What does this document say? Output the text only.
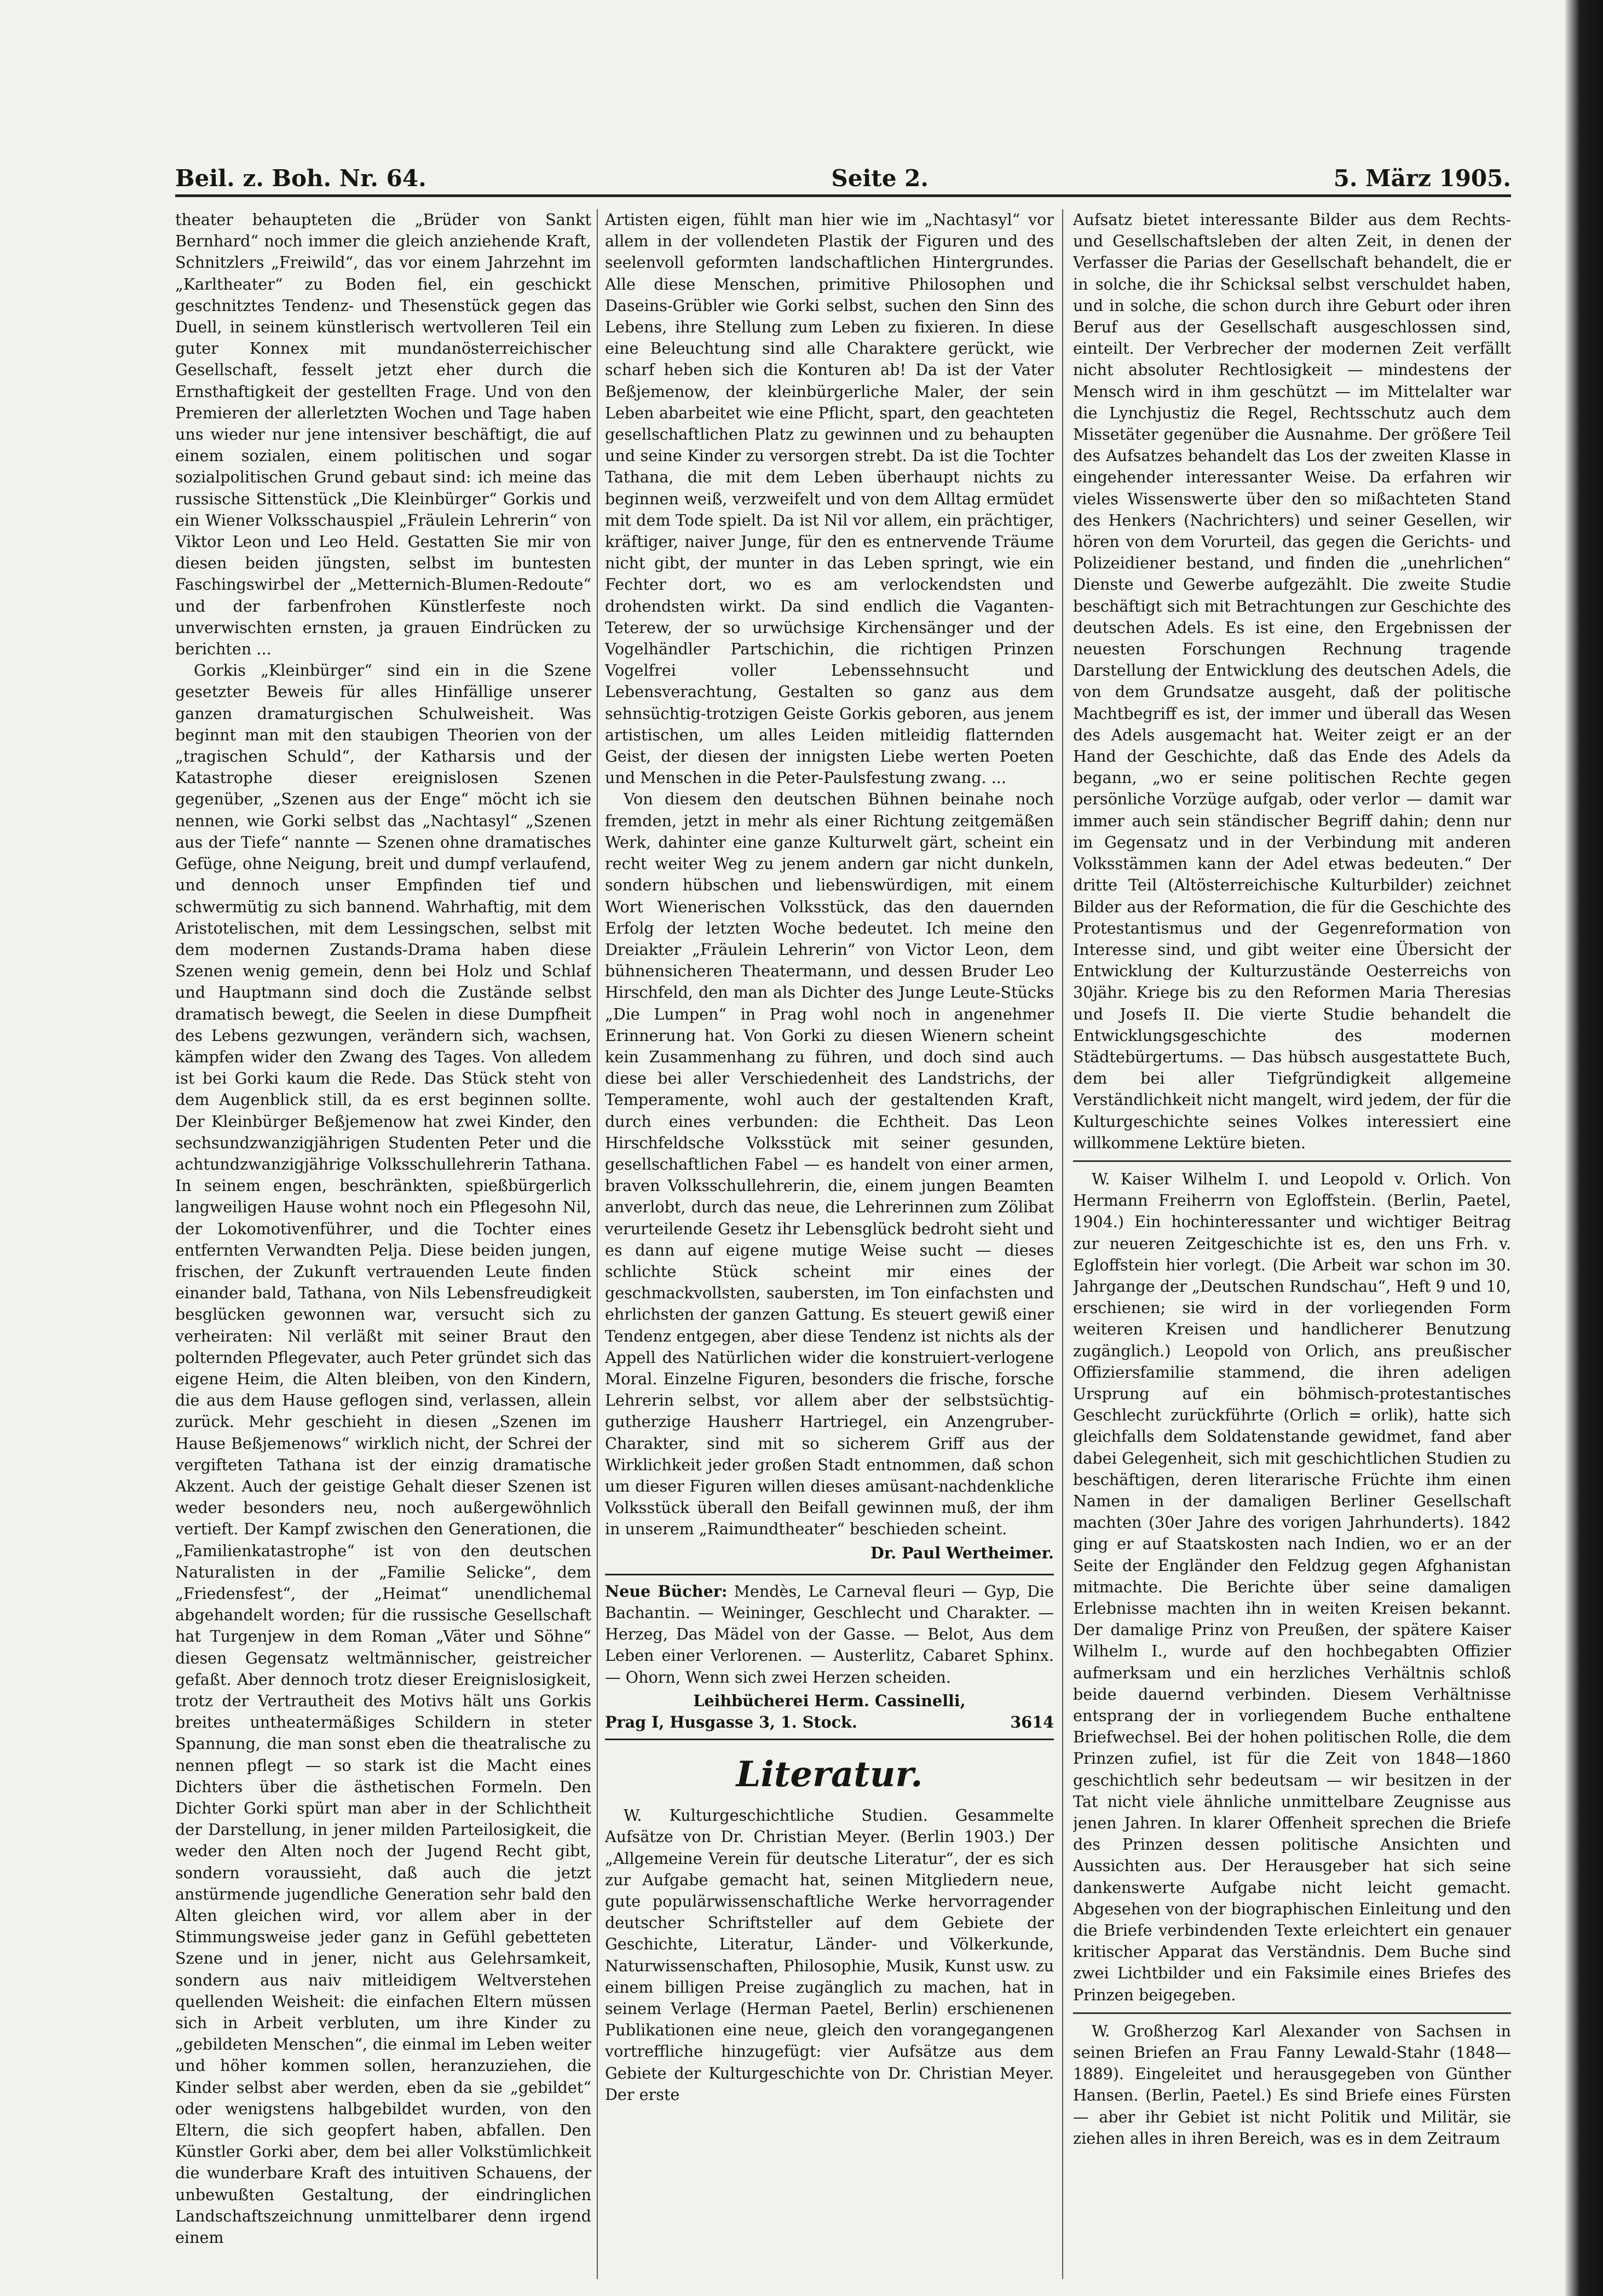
Beil. z. Boh. Nr. 64.	Seite 2.	5. März 1905.

theater behaupteten die „Brüder von Sankt Bernhard“ noch immer die gleich anziehende Kraft, Schnitzlers „Freiwild“, das vor einem Jahrzehnt im „Karltheater“ zu Boden fiel, ein geschickt geschnitztes Tendenz- und Thesenstück gegen das Duell, in seinem künstlerisch wertvolleren Teil ein guter Konnex mit mundanösterreichischer Gesellschaft, fesselt jetzt eher durch die Ernsthaftigkeit der gestellten Frage. Und von den Premieren der allerletzten Wochen und Tage haben uns wieder nur jene intensiver beschäftigt, die auf einem sozialen, einem politischen und sogar sozialpolitischen Grund gebaut sind: ich meine das russische Sittenstück „Die Kleinbürger“ Gorkis und ein Wiener Volksschauspiel „Fräulein Lehrerin“ von Viktor Leon und Leo Held. Gestatten Sie mir von diesen beiden jüngsten, selbst im buntesten Faschingswirbel der „Metternich-Blumen-Redoute“ und der farbenfrohen Künstlerfeste noch unverwischten ernsten, ja grauen Eindrücken zu berichten ...

Gorkis „Kleinbürger“ sind ein in die Szene gesetzter Beweis für alles Hinfällige unserer ganzen dramaturgischen Schulweisheit. Was beginnt man mit den staubigen Theorien von der „tragischen Schuld“, der Katharsis und der Katastrophe dieser ereignislosen Szenen gegenüber, „Szenen aus der Enge“ möcht ich sie nennen, wie Gorki selbst das „Nachtasyl“ „Szenen aus der Tiefe“ nannte — Szenen ohne dramatisches Gefüge, ohne Neigung, breit und dumpf verlaufend, und dennoch unser Empfinden tief und schwermütig zu sich bannend. Wahrhaftig, mit dem Aristotelischen, mit dem Lessingschen, selbst mit dem modernen Zustands-Drama haben diese Szenen wenig gemein, denn bei Holz und Schlaf und Hauptmann sind doch die Zustände selbst dramatisch bewegt, die Seelen in diese Dumpfheit des Lebens gezwungen, verändern sich, wachsen, kämpfen wider den Zwang des Tages. Von alledem ist bei Gorki kaum die Rede. Das Stück steht von dem Augenblick still, da es erst beginnen sollte. Der Kleinbürger Beßjemenow hat zwei Kinder, den sechsundzwanzigjährigen Studenten Peter und die achtundzwanzigjährige Volksschullehrerin Tathana. In seinem engen, beschränkten, spießbürgerlich langweiligen Hause wohnt noch ein Pflegesohn Nil, der Lokomotivenführer, und die Tochter eines entfernten Verwandten Pelja. Diese beiden jungen, frischen, der Zukunft vertrauenden Leute finden einander bald, Tathana, von Nils Lebensfreudigkeit besglücken gewonnen war, versucht sich zu verheiraten: Nil verläßt mit seiner Braut den polternden Pflegevater, auch Peter gründet sich das eigene Heim, die Alten bleiben, von den Kindern, die aus dem Hause geflogen sind, verlassen, allein zurück. Mehr geschieht in diesen „Szenen im Hause Beßjemenows“ wirklich nicht, der Schrei der vergifteten Tathana ist der einzig dramatische Akzent. Auch der geistige Gehalt dieser Szenen ist weder besonders neu, noch außergewöhnlich vertieft. Der Kampf zwischen den Generationen, die „Familienkatastrophe“ ist von den deutschen Naturalisten in der „Familie Selicke“, dem „Friedensfest“, der „Heimat“ unendlichemal abgehandelt worden; für die russische Gesellschaft hat Turgenjew in dem Roman „Väter und Söhne“ diesen Gegensatz weltmännischer, geistreicher gefaßt. Aber dennoch trotz dieser Ereignislosigkeit, trotz der Vertrautheit des Motivs hält uns Gorkis breites untheatermäßiges Schildern in steter Spannung, die man sonst eben die theatralische zu nennen pflegt — so stark ist die Macht eines Dichters über die ästhetischen Formeln. Den Dichter Gorki spürt man aber in der Schlichtheit der Darstellung, in jener milden Parteilosigkeit, die weder den Alten noch der Jugend Recht gibt, sondern voraussieht, daß auch die jetzt anstürmende jugendliche Generation sehr bald den Alten gleichen wird, vor allem aber in der Stimmungsweise jeder ganz in Gefühl gebetteten Szene und in jener, nicht aus Gelehrsamkeit, sondern aus naiv mitleidigem Weltverstehen quellenden Weisheit: die einfachen Eltern müssen sich in Arbeit verbluten, um ihre Kinder zu „gebildeten Menschen“, die einmal im Leben weiter und höher kommen sollen, heranzuziehen, die Kinder selbst aber werden, eben da sie „gebildet“ oder wenigstens halbgebildet wurden, von den Eltern, die sich geopfert haben, abfallen. Den Künstler Gorki aber, dem bei aller Volkstümlichkeit die wunderbare Kraft des intuitiven Schauens, der unbewußten Gestaltung, der eindringlichen Landschaftszeichnung unmittelbarer denn irgend einem

Artisten eigen, fühlt man hier wie im „Nachtasyl“ vor allem in der vollendeten Plastik der Figuren und des seelenvoll geformten landschaftlichen Hintergrundes. Alle diese Menschen, primitive Philosophen und Daseins-Grübler wie Gorki selbst, suchen den Sinn des Lebens, ihre Stellung zum Leben zu fixieren. In diese eine Beleuchtung sind alle Charaktere gerückt, wie scharf heben sich die Konturen ab! Da ist der Vater Beßjemenow, der kleinbürgerliche Maler, der sein Leben abarbeitet wie eine Pflicht, spart, den geachteten gesellschaftlichen Platz zu gewinnen und zu behaupten und seine Kinder zu versorgen strebt. Da ist die Tochter Tathana, die mit dem Leben überhaupt nichts zu beginnen weiß, verzweifelt und von dem Alltag ermüdet mit dem Tode spielt. Da ist Nil vor allem, ein prächtiger, kräftiger, naiver Junge, für den es entnervende Träume nicht gibt, der munter in das Leben springt, wie ein Fechter dort, wo es am verlockendsten und drohendsten wirkt. Da sind endlich die Vaganten-Teterew, der so urwüchsige Kirchensänger und der Vogelhändler Partschichin, die richtigen Prinzen Vogelfrei voller Lebenssehnsucht und Lebensverachtung, Gestalten so ganz aus dem sehnsüchtig-trotzigen Geiste Gorkis geboren, aus jenem artistischen, um alles Leiden mitleidig flatternden Geist, der diesen der innigsten Liebe werten Poeten und Menschen in die Peter-Paulsfestung zwang. ...

Von diesem den deutschen Bühnen beinahe noch fremden, jetzt in mehr als einer Richtung zeitgemäßen Werk, dahinter eine ganze Kulturwelt gärt, scheint ein recht weiter Weg zu jenem andern gar nicht dunkeln, sondern hübschen und liebenswürdigen, mit einem Wort Wienerischen Volksstück, das den dauernden Erfolg der letzten Woche bedeutet. Ich meine den Dreiakter „Fräulein Lehrerin“ von Victor Leon, dem bühnensicheren Theatermann, und dessen Bruder Leo Hirschfeld, den man als Dichter des Junge Leute-Stücks „Die Lumpen“ in Prag wohl noch in angenehmer Erinnerung hat. Von Gorki zu diesen Wienern scheint kein Zusammenhang zu führen, und doch sind auch diese bei aller Verschiedenheit des Landstrichs, der Temperamente, wohl auch der gestaltenden Kraft, durch eines verbunden: die Echtheit. Das Leon Hirschfeldsche Volksstück mit seiner gesunden, gesellschaftlichen Fabel — es handelt von einer armen, braven Volksschullehrerin, die, einem jungen Beamten anverlobt, durch das neue, die Lehrerinnen zum Zölibat verurteilende Gesetz ihr Lebensglück bedroht sieht und es dann auf eigene mutige Weise sucht — dieses schlichte Stück scheint mir eines der geschmackvollsten, saubersten, im Ton einfachsten und ehrlichsten der ganzen Gattung. Es steuert gewiß einer Tendenz entgegen, aber diese Tendenz ist nichts als der Appell des Natürlichen wider die konstruiert-verlogene Moral. Einzelne Figuren, besonders die frische, forsche Lehrerin selbst, vor allem aber der selbstsüchtig-gutherzige Hausherr Hartriegel, ein Anzengruber-Charakter, sind mit so sicherem Griff aus der Wirklichkeit jeder großen Stadt entnommen, daß schon um dieser Figuren willen dieses amüsant-nachdenkliche Volksstück überall den Beifall gewinnen muß, der ihm in unserem „Raimundtheater“ beschieden scheint.

Dr. Paul Wertheimer.

Neue Bücher: Mendès, Le Carneval fleuri — Gyp, Die Bachantin. — Weininger, Geschlecht und Charakter. — Herzeg, Das Mädel von der Gasse. — Belot, Aus dem Leben einer Verlorenen. — Austerlitz, Cabaret Sphinx. — Ohorn, Wenn sich zwei Herzen scheiden.

Leihbücherei Herm. Cassinelli,
Prag I, Husgasse 3, 1. Stock.	3614
Literatur.

W. Kulturgeschichtliche Studien. Gesammelte Aufsätze von Dr. Christian Meyer. (Berlin 1903.) Der „Allgemeine Verein für deutsche Literatur“, der es sich zur Aufgabe gemacht hat, seinen Mitgliedern neue, gute populärwissenschaftliche Werke hervorragender deutscher Schriftsteller auf dem Gebiete der Geschichte, Literatur, Länder- und Völkerkunde, Naturwissenschaften, Philosophie, Musik, Kunst usw. zu einem billigen Preise zugänglich zu machen, hat in seinem Verlage (Herman Paetel, Berlin) erschienenen Publikationen eine neue, gleich den vorangegangenen vortreffliche hinzugefügt: vier Aufsätze aus dem Gebiete der Kulturgeschichte von Dr. Christian Meyer. Der erste

Aufsatz bietet interessante Bilder aus dem Rechts- und Gesellschaftsleben der alten Zeit, in denen der Verfasser die Parias der Gesellschaft behandelt, die er in solche, die ihr Schicksal selbst verschuldet haben, und in solche, die schon durch ihre Geburt oder ihren Beruf aus der Gesellschaft ausgeschlossen sind, einteilt. Der Verbrecher der modernen Zeit verfällt nicht absoluter Rechtlosigkeit — mindestens der Mensch wird in ihm geschützt — im Mittelalter war die Lynchjustiz die Regel, Rechtsschutz auch dem Missetäter gegenüber die Ausnahme. Der größere Teil des Aufsatzes behandelt das Los der zweiten Klasse in eingehender interessanter Weise. Da erfahren wir vieles Wissenswerte über den so mißachteten Stand des Henkers (Nachrichters) und seiner Gesellen, wir hören von dem Vorurteil, das gegen die Gerichts- und Polizeidiener bestand, und finden die „unehrlichen“ Dienste und Gewerbe aufgezählt. Die zweite Studie beschäftigt sich mit Betrachtungen zur Geschichte des deutschen Adels. Es ist eine, den Ergebnissen der neuesten Forschungen Rechnung tragende Darstellung der Entwicklung des deutschen Adels, die von dem Grundsatze ausgeht, daß der politische Machtbegriff es ist, der immer und überall das Wesen des Adels ausgemacht hat. Weiter zeigt er an der Hand der Geschichte, daß das Ende des Adels da begann, „wo er seine politischen Rechte gegen persönliche Vorzüge aufgab, oder verlor — damit war immer auch sein ständischer Begriff dahin; denn nur im Gegensatz und in der Verbindung mit anderen Volksstämmen kann der Adel etwas bedeuten.“ Der dritte Teil (Altösterreichische Kulturbilder) zeichnet Bilder aus der Reformation, die für die Geschichte des Protestantismus und der Gegenreformation von Interesse sind, und gibt weiter eine Übersicht der Entwicklung der Kulturzustände Oesterreichs von 30jähr. Kriege bis zu den Reformen Maria Theresias und Josefs II. Die vierte Studie behandelt die Entwicklungsgeschichte des modernen Städtebürgertums. — Das hübsch ausgestattete Buch, dem bei aller Tiefgründigkeit allgemeine Verständlichkeit nicht mangelt, wird jedem, der für die Kulturgeschichte seines Volkes interessiert eine willkommene Lektüre bieten.

W. Kaiser Wilhelm I. und Leopold v. Orlich. Von Hermann Freiherrn von Egloffstein. (Berlin, Paetel, 1904.) Ein hochinteressanter und wichtiger Beitrag zur neueren Zeitgeschichte ist es, den uns Frh. v. Egloffstein hier vorlegt. (Die Arbeit war schon im 30. Jahrgange der „Deutschen Rundschau“, Heft 9 und 10, erschienen; sie wird in der vorliegenden Form weiteren Kreisen und handlicherer Benutzung zugänglich.) Leopold von Orlich, ans preußischer Offiziersfamilie stammend, die ihren adeligen Ursprung auf ein böhmisch-protestantisches Geschlecht zurückführte (Orlich = orlik), hatte sich gleichfalls dem Soldatenstande gewidmet, fand aber dabei Gelegenheit, sich mit geschichtlichen Studien zu beschäftigen, deren literarische Früchte ihm einen Namen in der damaligen Berliner Gesellschaft machten (30er Jahre des vorigen Jahrhunderts). 1842 ging er auf Staatskosten nach Indien, wo er an der Seite der Engländer den Feldzug gegen Afghanistan mitmachte. Die Berichte über seine damaligen Erlebnisse machten ihn in weiten Kreisen bekannt. Der damalige Prinz von Preußen, der spätere Kaiser Wilhelm I., wurde auf den hochbegabten Offizier aufmerksam und ein herzliches Verhältnis schloß beide dauernd verbinden. Diesem Verhältnisse entsprang der in vorliegendem Buche enthaltene Briefwechsel. Bei der hohen politischen Rolle, die dem Prinzen zufiel, ist für die Zeit von 1848—1860 geschichtlich sehr bedeutsam — wir besitzen in der Tat nicht viele ähnliche unmittelbare Zeugnisse aus jenen Jahren. In klarer Offenheit sprechen die Briefe des Prinzen dessen politische Ansichten und Aussichten aus. Der Herausgeber hat sich seine dankenswerte Aufgabe nicht leicht gemacht. Abgesehen von der biographischen Einleitung und den die Briefe verbindenden Texte erleichtert ein genauer kritischer Apparat das Verständnis. Dem Buche sind zwei Lichtbilder und ein Faksimile eines Briefes des Prinzen beigegeben.

W. Großherzog Karl Alexander von Sachsen in seinen Briefen an Frau Fanny Lewald-Stahr (1848—1889). Eingeleitet und herausgegeben von Günther Hansen. (Berlin, Paetel.) Es sind Briefe eines Fürsten — aber ihr Gebiet ist nicht Politik und Militär, sie ziehen alles in ihren Bereich, was es in dem Zeitraum
